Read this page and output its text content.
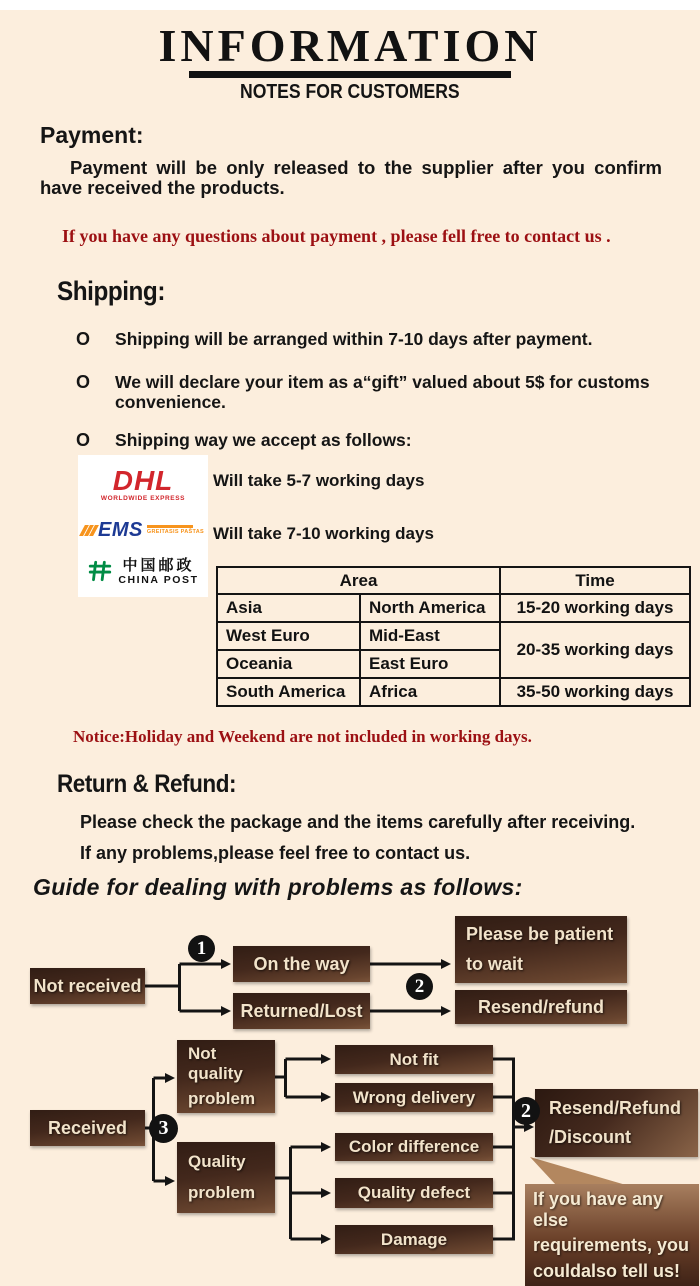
INFORMATION
NOTES FOR CUSTOMERS
Payment:
Payment will be only released to the supplier after you confirm have received the products.
If you have any questions about payment , please fell free to contact us .
Shipping:
O Shipping will be arranged within 7-10 days after payment.
O We will declare your item as a“gift” valued about 5$ for customs convenience.
O Shipping way we accept as follows:
DHL
WORLDWIDE EXPRESS
EMS GREITASIS PAŠTAS
中国邮政
CHINA POST
Will take 5-7 working days
Will take 7-10 working days
Area		Time
Asia	North America	15-20 working days
West Euro	Mid-East	20-35 working days
Oceania	East Euro	
South America	Africa	35-50 working days
Notice:Holiday and Weekend are not included in working days.
Return & Refund:
Please check the package and the items carefully after receiving.
If any problems,please feel free to contact us.
Guide for dealing with problems as follows:
Not received
On the way
Returned/Lost
Please be patient
to wait
Resend/refund
Received
Not quality
problem
Quality
problem
Not fit
Wrong delivery
Color difference
Quality defect
Damage
Resend/Refund
/Discount
If you have any else
requirements, you
couldalso tell us!
1
2
3
2
